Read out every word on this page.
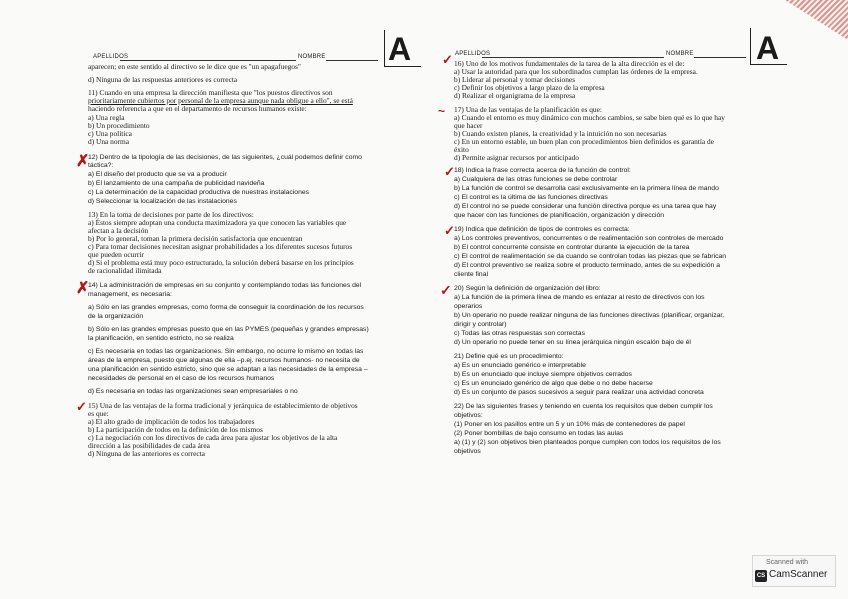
APELLIDOS	NOMBRE A	APELLIDOS	NOMBRE A
aparecen; en este sentido al directivo se le dice que es "un apagafuegos"
d) Ninguna de las respuestas anteriores es correcta
11) Cuando en una empresa la dirección manifiesta que "los puestos directivos son
prioritariamente cubiertos por personal de la empresa aunque nada obligue a ello", se está
haciendo referencia a que en el departamento de recursos humanos existe:
a) Una regla
b) Un procedimiento
c) Una política
d) Una norma
12) Dentro de la tipología de las decisiones, de las siguientes, ¿cuál podemos definir como
táctica?:
a) El diseño del producto que se va a producir
b) El lanzamiento de una campaña de publicidad navideña
c) La determinación de la capacidad productiva de nuestras instalaciones
d) Seleccionar la localización de las instalaciones
13) En la toma de decisiones por parte de los directivos:
a) Éstos siempre adoptan una conducta maximizadora ya que conocen las variables que
afectan a la decisión
b) Por lo general, toman la primera decisión satisfactoria que encuentran
c) Para tomar decisiones necesitan asignar probabilidades a los diferentes sucesos futuros
que pueden ocurrir
d) Si el problema está muy poco estructurado, la solución deberá basarse en los principios
de racionalidad ilimitada
14) La administración de empresas en su conjunto y contemplando todas las funciones del
management, es necesaria:
a) Sólo en las grandes empresas, como forma de conseguir la coordinación de los recursos
de la organización
b) Sólo en las grandes empresas puesto que en las PYMES (pequeñas y grandes empresas)
la planificación, en sentido estricto, no se realiza
c) Es necesaria en todas las organizaciones. Sin embargo, no ocurre lo mismo en todas las
áreas de la empresa, puesto que algunas de ella –p.ej. recursos humanos- no necesita de
una planificación en sentido estricto, sino que se adaptan a las necesidades de la empresa –
necesidades de personal en el caso de los recursos humanos
d) Es necesaria en todas las organizaciones sean empresariales o no
15) Una de las ventajas de la forma tradicional y jerárquica de establecimiento de objetivos
es que:
a) El alto grado de implicación de todos los trabajadores
b) La participación de todos en la definición de los mismos
c) La negociación con los directivos de cada área para ajustar los objetivos de la alta
dirección a las posibilidades de cada área
d) Ninguna de las anteriores es correcta
16) Uno de los motivos fundamentales de la tarea de la alta dirección es el de:
a) Usar la autoridad para que los subordinados cumplan las órdenes de la empresa.
b) Liderar al personal y tomar decisiones
c) Definir los objetivos a largo plazo de la empresa
d) Realizar el organigrama de la empresa
17) Una de las ventajas de la planificación es que:
a) Cuando el entorno es muy dinámico con muchos cambios, se sabe bien qué es lo que hay
que hacer
b) Cuando existen planes, la creatividad y la intuición no son necesarias
c) En un entorno estable, un buen plan con procedimientos bien definidos es garantía de
éxito
d) Permite asignar recursos por anticipado
18) Indica la frase correcta acerca de la función de control:
a) Cualquiera de las otras funciones se debe controlar
b) La función de control se desarrolla casi exclusivamente en la primera línea de mando
c) El control es la última de las funciones directivas
d) El control no se puede considerar una función directiva porque es una tarea que hay
que hacer con las funciones de planificación, organización y dirección
19) Indica que definición de tipos de controles es correcta:
a) Los controles preventivos, concurrentes o de realimentación son controles de mercado
b) El control concurrente consiste en controlar durante la ejecución de la tarea
c) El control de realimentación se da cuando se controlan todas las piezas que se fabrican
d) El control preventivo se realiza sobre el producto terminado, antes de su expedición a
cliente final
20) Según la definición de organización del libro:
a) La función de la primera línea de mando es enlazar al resto de directivos con los
operarios
b) Un operario no puede realizar ninguna de las funciones directivas (planificar, organizar,
dirigir y controlar)
c) Todas las otras respuestas son correctas
d) Un operario no puede tener en su línea jerárquica ningún escalón bajo de él
21) Define qué es un procedimiento:
a) Es un enunciado genérico e interpretable
b) Es un enunciado que incluye siempre objetivos cerrados
c) Es un enunciado genérico de algo que debe o no debe hacerse
d) Es un conjunto de pasos sucesivos a seguir para realizar una actividad concreta
22) De las siguientes frases y teniendo en cuenta los requisitos que deben cumplir los
objetivos:
(1) Poner en los pasillos entre un 5 y un 10% más de contenedores de papel
(2) Poner bombillas de bajo consumo en todas las aulas
a) (1) y (2) son objetivos bien planteados porque cumplen con todos los requisitos de los
objetivos
✗
✗
✓
✓
~
✓
✓
✓
Scanned with
CS CamScanner
